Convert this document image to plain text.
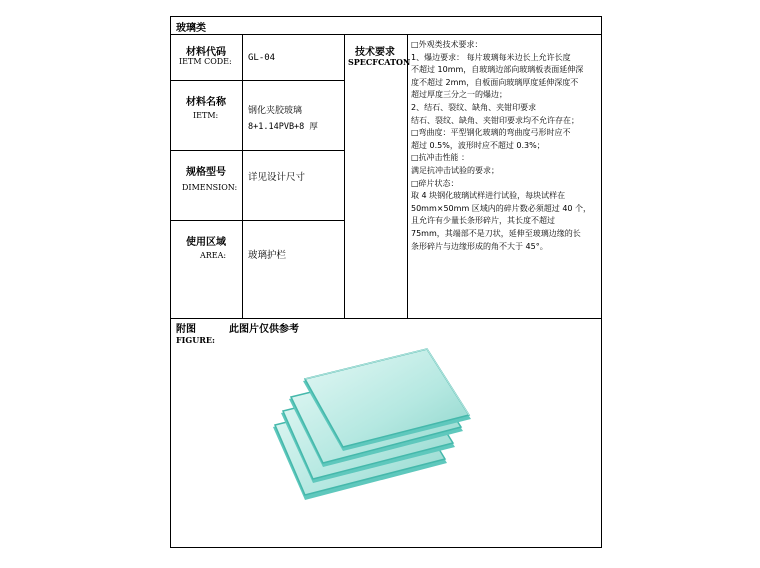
玻璃类
材料代码
IETM CODE: GL-04
材料名称
IETM:	钢化夹胶玻璃
8+1.14PVB+8 厚
规格型号
DIMENSION:
详见设计尺寸
使用区域
AREA: 玻璃护栏
技术要求
SPECFCATON
□外观类技术要求：
1、爆边要求： 每片玻璃每米边长上允许长度
不超过 10mm，自玻璃边部向玻璃板表面延伸深
度不超过 2mm，自板面向玻璃厚度延伸深度不
超过厚度三分之一的爆边；
2、结石、裂纹、缺角、夹钳印要求
结石、裂纹、缺角、夹钳印要求均不允许存在；
□弯曲度：平型钢化玻璃的弯曲度弓形时应不
超过 0.5%，波形时应不超过 0.3%；
□抗冲击性能 ：
满足抗冲击试验的要求；
□碎片状态：
取 4 块钢化玻璃试样进行试验，每块试样在
50mm×50mm 区域内的碎片数必须超过 40 个，
且允许有少量长条形碎片，其长度不超过
75mm，其端部不是刀状，延伸至玻璃边缘的长
条形碎片与边缘形成的角不大于 45°。
附图	此图片仅供参考
FIGURE:
